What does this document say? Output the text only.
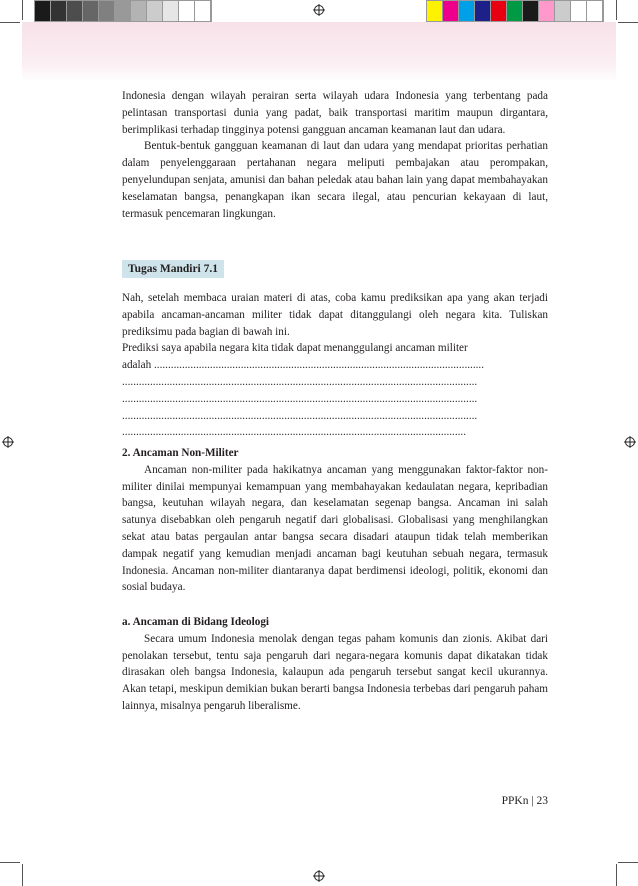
Indonesia dengan wilayah perairan serta wilayah udara Indonesia yang terbentang pada pelintasan transportasi dunia yang padat, baik transportasi maritim maupun dirgantara, berimplikasi terhadap tingginya potensi gangguan ancaman keamanan laut dan udara.

Bentuk-bentuk gangguan keamanan di laut dan udara yang mendapat prioritas perhatian dalam penyelenggaraan pertahanan negara meliputi pembajakan atau perompakan, penyelundupan senjata, amunisi dan bahan peledak atau bahan lain yang dapat membahayakan keselamatan bangsa, penangkapan ikan secara ilegal, atau pencurian kekayaan di laut, termasuk pencemaran lingkungan.

Tugas Mandiri 7.1

Nah, setelah membaca uraian materi di atas, coba kamu prediksikan apa yang akan terjadi apabila ancaman-ancaman militer tidak dapat ditanggulangi oleh negara kita. Tuliskan prediksimu pada bagian di bawah ini.

Prediksi saya apabila negara kita tidak dapat menanggulangi ancaman militer

adalah ......................................................................................................................

...............................................................................................................................

...............................................................................................................................

...............................................................................................................................

...........................................................................................................................

2. Ancaman Non-Militer

Ancaman non-militer pada hakikatnya ancaman yang menggunakan faktor-faktor non-militer dinilai mempunyai kemampuan yang membahayakan kedaulatan negara, kepribadian bangsa, keutuhan wilayah negara, dan keselamatan segenap bangsa. Ancaman ini salah satunya disebabkan oleh pengaruh negatif dari globalisasi. Globalisasi yang menghilangkan sekat atau batas pergaulan antar bangsa secara disadari ataupun tidak telah memberikan dampak negatif yang kemudian menjadi ancaman bagi keutuhan sebuah negara, termasuk Indonesia. Ancaman non-militer diantaranya dapat berdimensi ideologi, politik, ekonomi dan sosial budaya.

a. Ancaman di Bidang Ideologi

Secara umum Indonesia menolak dengan tegas paham komunis dan zionis. Akibat dari penolakan tersebut, tentu saja pengaruh dari negara-negara komunis dapat dikatakan tidak dirasakan oleh bangsa Indonesia, kalaupun ada pengaruh tersebut sangat kecil ukurannya. Akan tetapi, meskipun demikian bukan berarti bangsa Indonesia terbebas dari pengaruh paham lainnya, misalnya pengaruh liberalisme.

PPKn | 23
